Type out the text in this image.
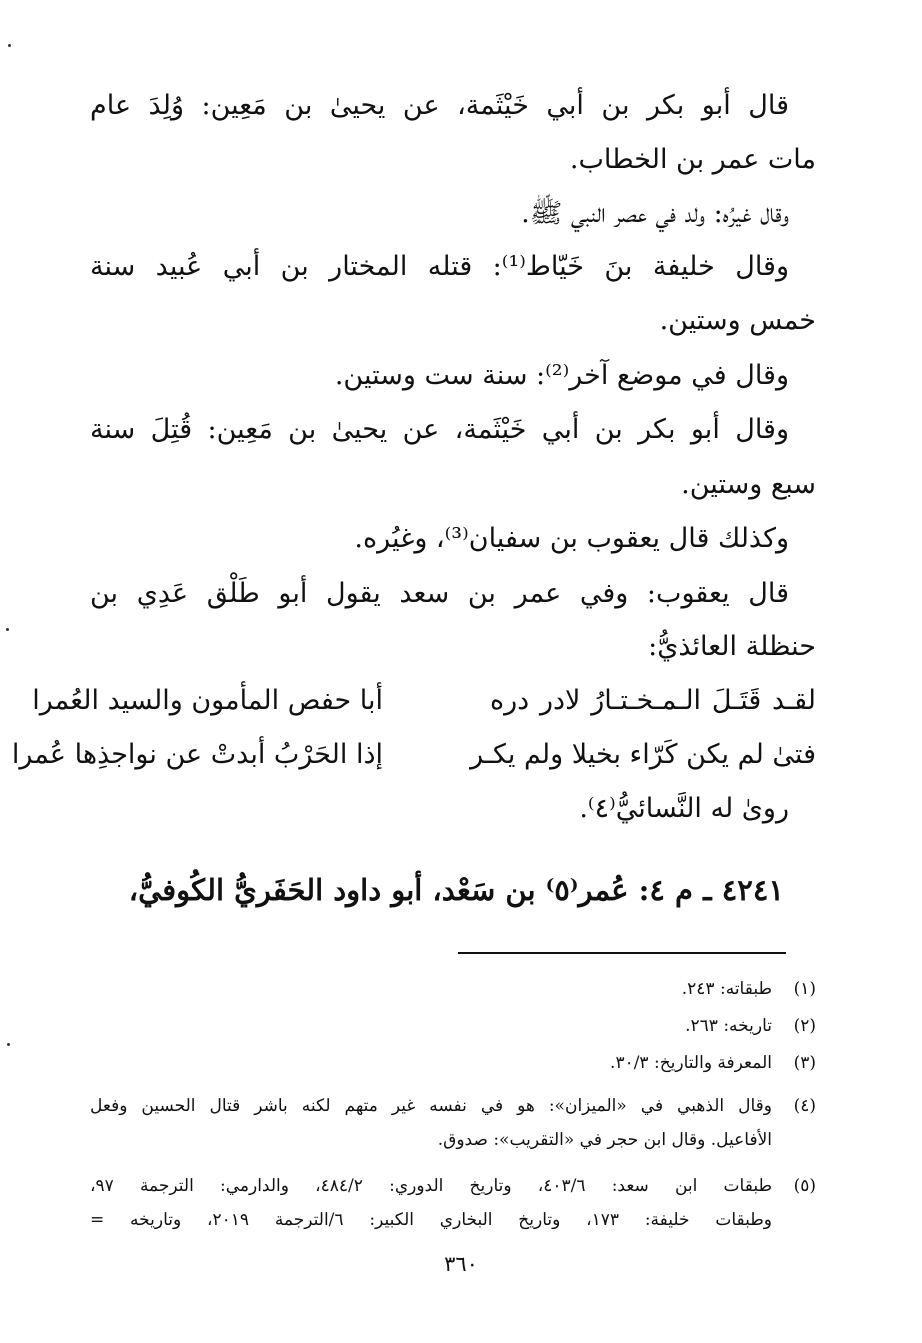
قال أبو بكر بن أبي خَيْثَمة، عن يحيىٰ بن مَعِين: وُلِدَ عام
مات عمر بن الخطاب.
وقال غيرُه: ولد في عصر النبي ﷺ.
وقال خليفة بنَ خَيّاط⁽¹⁾: قتله المختار بن أبي عُبيد سنة
خمس وستين.
وقال في موضع آخر⁽²⁾: سنة ست وستين.
وقال أبو بكر بن أبي خَيْثَمة، عن يحيىٰ بن مَعِين: قُتِلَ سنة
سبع وستين.
وكذلك قال يعقوب بن سفيان⁽³⁾، وغيُره.
قال يعقوب: وفي عمر بن سعد يقول أبو طَلْق عَدِي بن
حنظلة العائذيُّ:
لقـد قَتَـلَ الـمـخـتـارُ لادر دره
أبا حفص المأمون والسيد العُمرا
فتىٰ لم يكن كَرّاء بخيلا ولم يكـر
إذا الحَرْبُ أبدتْ عن نواجذِها عُمرا
رویٰ له النَّسائيُّ⁽٤⁾.
٤٢٤١ ـ م ٤: عُمر⁽٥⁾ بن سَعْد، أبو داود الحَفَريُّ الكُوفيُّ،
(١)
طبقاته: ٢٤٣.
(٢)
تاريخه: ٢٦٣.
(٣)
المعرفة والتاريخ: ٣٠/٣.
(٤)
وقال الذهبي في «الميزان»: هو في نفسه غير متهم لكنه باشر قتال الحسين وفعل
الأفاعيل. وقال ابن حجر في «التقريب»: صدوق.
(٥)
طبقات ابن سعد: ٤٠٣/٦، وتاريخ الدوري: ٤٨٤/٢، والدارمي: الترجمة ٩٧،
وطبقات خليفة: ١٧٣، وتاريخ البخاري الكبير: ٦/الترجمة ٢٠١٩، وتاريخه =
٣٦٠
